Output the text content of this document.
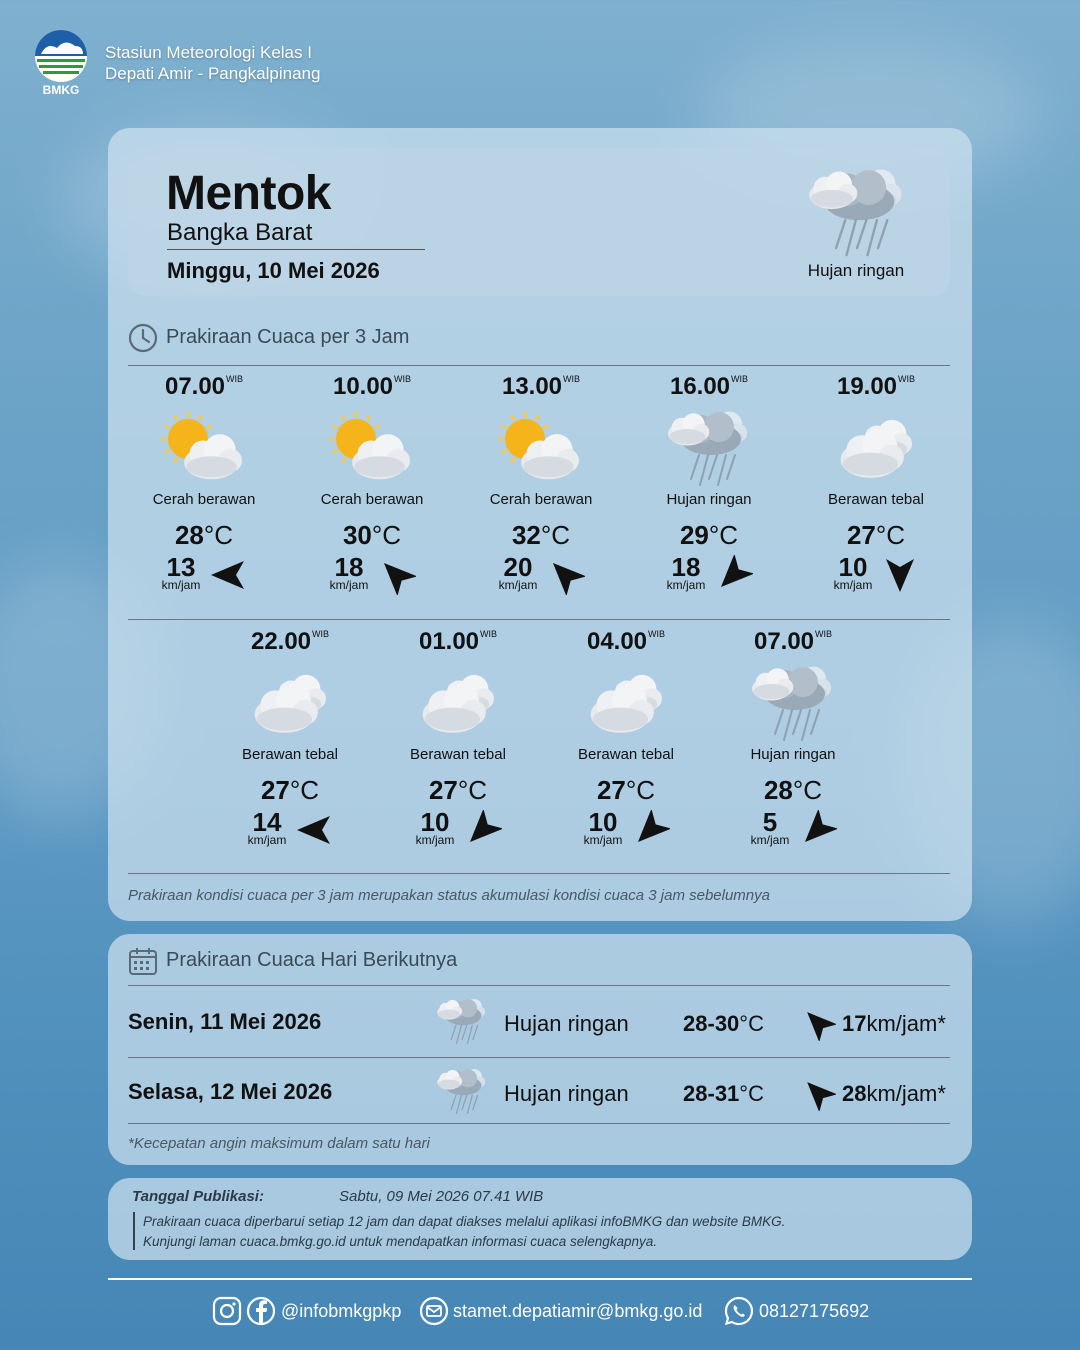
BMKG
Stasiun Meteorologi Kelas I
Depati Amir - Pangkalpinang
Mentok
Bangka Barat
Minggu, 10 Mei 2026	Hujan ringan
Prakiraan Cuaca per 3 Jam
$07.00^{WIB}$
Cerah berawan
28°C
13
km/jam
$10.00^{WIB}$
Cerah berawan
30°C
18
km/jam
$13.00^{WIB}$
Cerah berawan
32°C
20
km/jam
$16.00^{WIB}$
Hujan ringan
29°C
18
km/jam
$19.00^{WIB}$
Berawan tebal
27°C
10
km/jam
$22.00^{WIB}$
Berawan tebal
27°C
14
km/jam
$01.00^{WIB}$
Berawan tebal
27°C
10
km/jam
$04.00^{WIB}$
Berawan tebal
27°C
10
km/jam
$07.00^{WIB}$
Hujan ringan
28°C
5
km/jam
Prakiraan kondisi cuaca per 3 jam merupakan status akumulasi kondisi cuaca 3 jam sebelumnya
Prakiraan Cuaca Hari Berikutnya
Senin, 11 Mei 2026	Hujan ringan 28-30°C	17km/jam*
Selasa, 12 Mei 2026	Hujan ringan 28-31°C	28km/jam*
*Kecepatan angin maksimum dalam satu hari
Tanggal Publikasi:	Sabtu, 09 Mei 2026 07.41 WIB
Prakiraan cuaca diperbarui setiap 12 jam dan dapat diakses melalui aplikasi infoBMKG dan website BMKG.
Kunjungi laman cuaca.bmkg.go.id untuk mendapatkan informasi cuaca selengkapnya.
@infobmkgpkp	stamet.depatiamir@bmkg.go.id	08127175692
